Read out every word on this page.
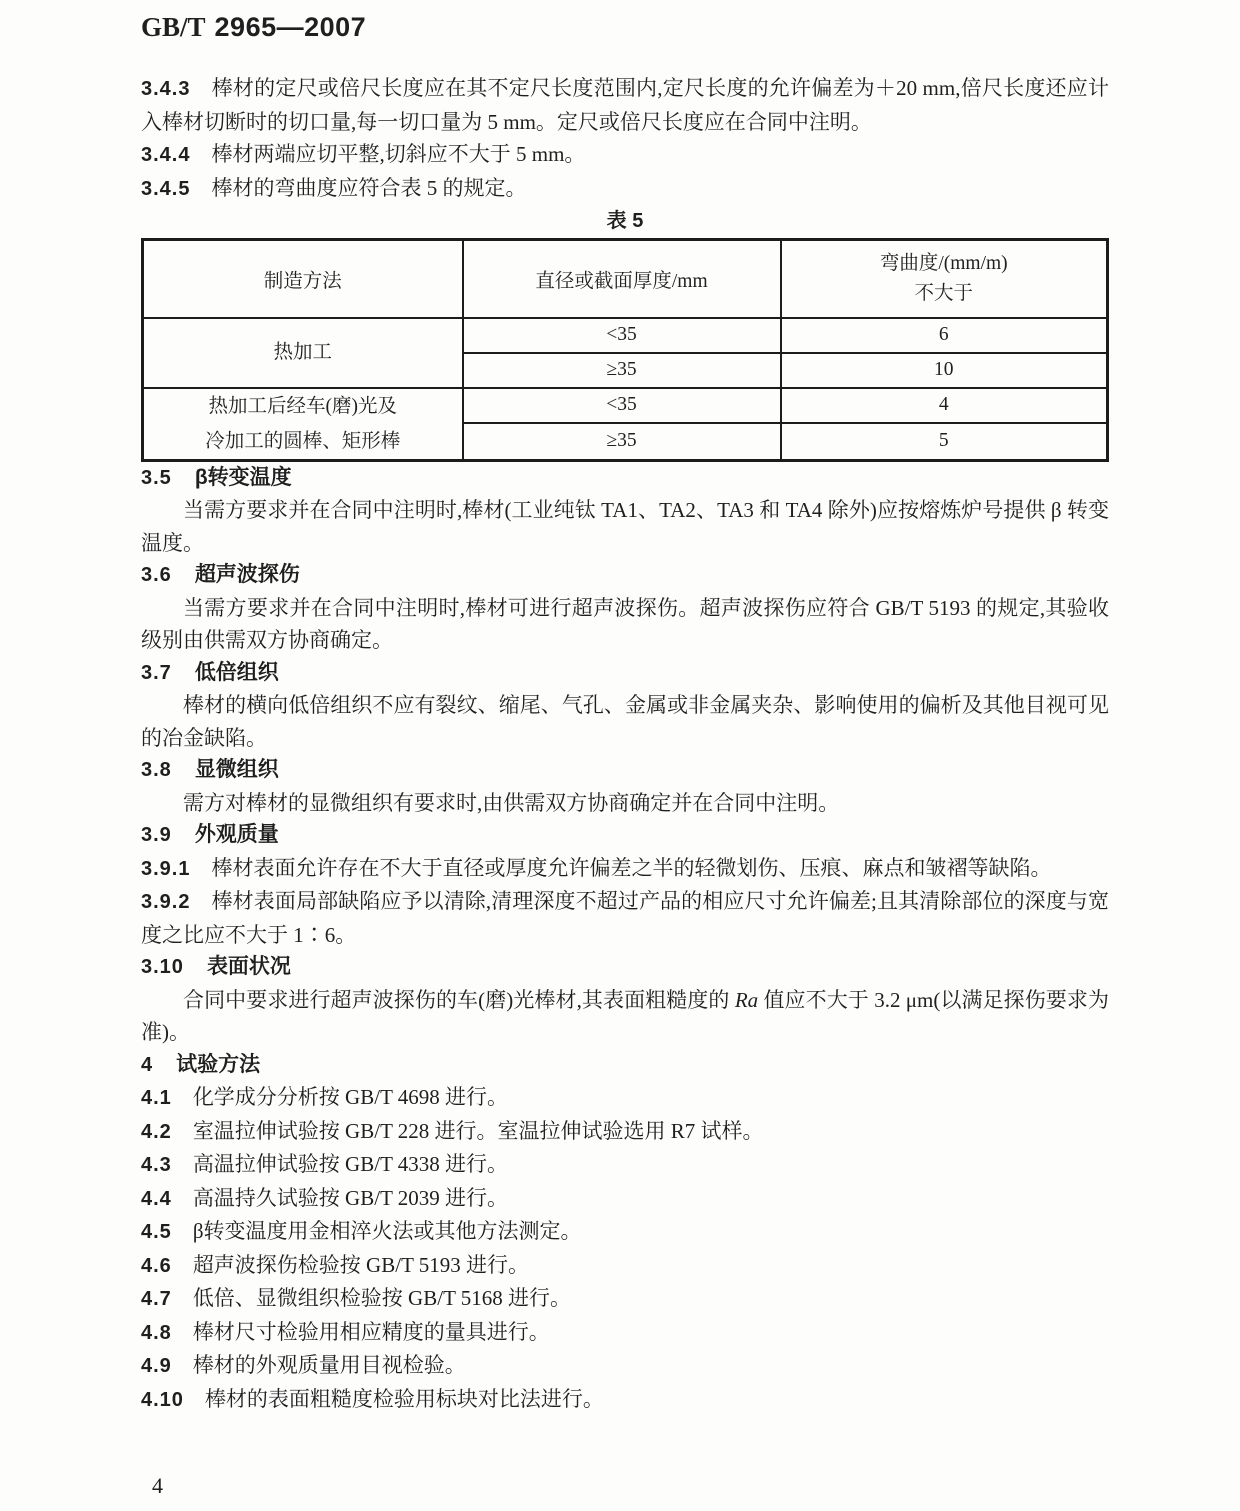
GB/T 2965—2007

3.4.3 棒材的定尺或倍尺长度应在其不定尺长度范围内,定尺长度的允许偏差为＋20 mm,倍尺长度还应计入棒材切断时的切口量,每一切口量为 5 mm。定尺或倍尺长度应在合同中注明。

3.4.4 棒材两端应切平整,切斜应不大于 5 mm。

3.4.5 棒材的弯曲度应符合表 5 的规定。

表 5

制造方法	直径或截面厚度/mm	弯曲度/(mm/m)
不大于

热加工	<35	6
	≥35	10

热加工后经车(磨)光及
冷加工的圆棒、矩形棒	<35	4
	≥35	5
3.5 β转变温度

当需方要求并在合同中注明时,棒材(工业纯钛 TA1、TA2、TA3 和 TA4 除外)应按熔炼炉号提供 β 转变温度。

3.6 超声波探伤

当需方要求并在合同中注明时,棒材可进行超声波探伤。超声波探伤应符合 GB/T 5193 的规定,其验收级别由供需双方协商确定。

3.7 低倍组织

棒材的横向低倍组织不应有裂纹、缩尾、气孔、金属或非金属夹杂、影响使用的偏析及其他目视可见的冶金缺陷。

3.8 显微组织

需方对棒材的显微组织有要求时,由供需双方协商确定并在合同中注明。

3.9 外观质量

3.9.1 棒材表面允许存在不大于直径或厚度允许偏差之半的轻微划伤、压痕、麻点和皱褶等缺陷。

3.9.2 棒材表面局部缺陷应予以清除,清理深度不超过产品的相应尺寸允许偏差;且其清除部位的深度与宽度之比应不大于 1∶6。

3.10 表面状况

合同中要求进行超声波探伤的车(磨)光棒材,其表面粗糙度的 Ra 值应不大于 3.2 μm(以满足探伤要求为准)。

4 试验方法

4.1 化学成分分析按 GB/T 4698 进行。

4.2 室温拉伸试验按 GB/T 228 进行。室温拉伸试验选用 R7 试样。

4.3 高温拉伸试验按 GB/T 4338 进行。

4.4 高温持久试验按 GB/T 2039 进行。

4.5 β转变温度用金相淬火法或其他方法测定。

4.6 超声波探伤检验按 GB/T 5193 进行。

4.7 低倍、显微组织检验按 GB/T 5168 进行。

4.8 棒材尺寸检验用相应精度的量具进行。

4.9 棒材的外观质量用目视检验。

4.10 棒材的表面粗糙度检验用标块对比法进行。

4
